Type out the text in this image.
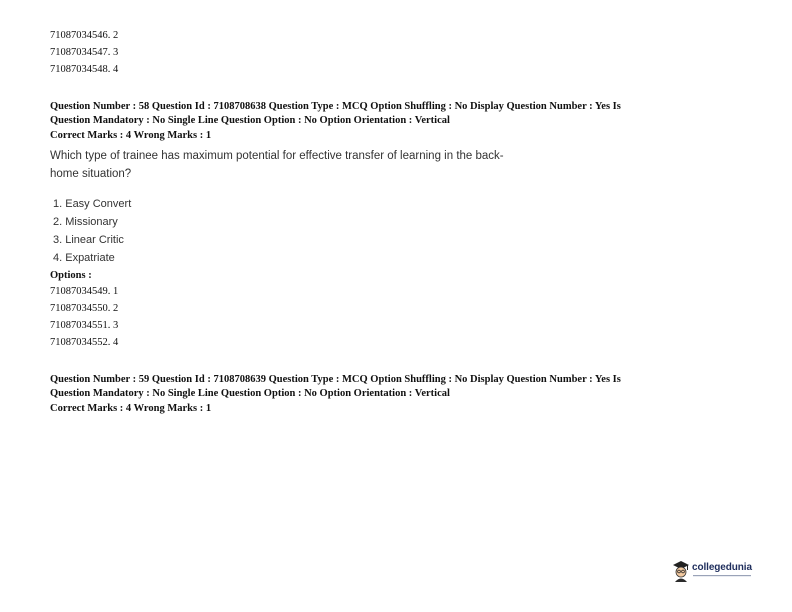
71087034546. 2
71087034547. 3
71087034548. 4
Question Number : 58 Question Id : 7108708638 Question Type : MCQ Option Shuffling : No Display Question Number : Yes Is
Question Mandatory : No Single Line Question Option : No Option Orientation : Vertical
Correct Marks : 4 Wrong Marks : 1
Which type of trainee has maximum potential for effective transfer of learning in the back-
home situation?
1. Easy Convert
2. Missionary
3. Linear Critic
4. Expatriate
Options :
71087034549. 1
71087034550. 2
71087034551. 3
71087034552. 4
Question Number : 59 Question Id : 7108708639 Question Type : MCQ Option Shuffling : No Display Question Number : Yes Is
Question Mandatory : No Single Line Question Option : No Option Orientation : Vertical
Correct Marks : 4 Wrong Marks : 1
collegedunia
